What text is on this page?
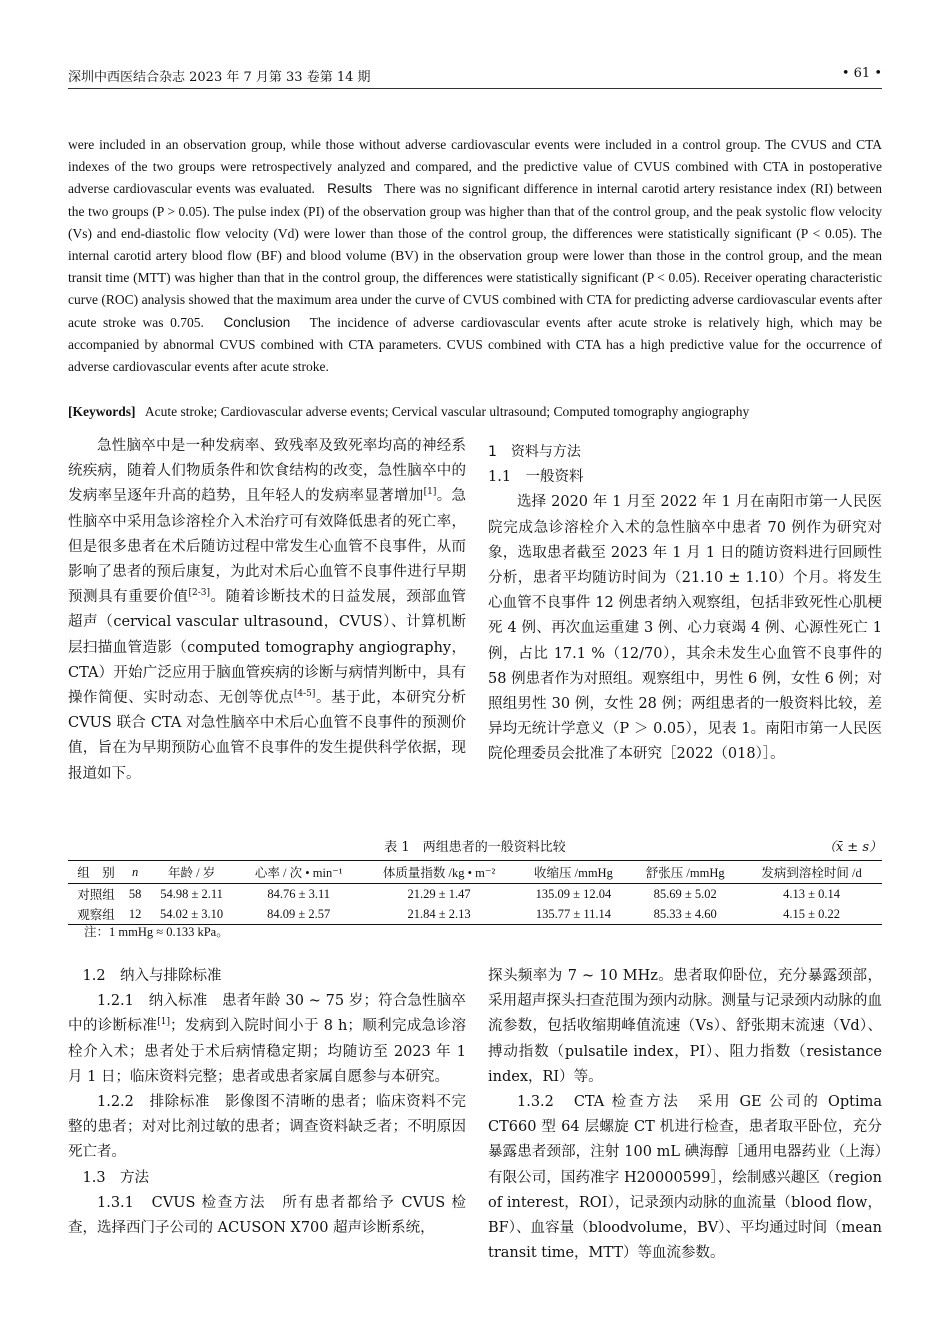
深圳中西医结合杂志 2023 年 7 月第 33 卷第 14 期	• 61 •
were included in an observation group, while those without adverse cardiovascular events were included in a control group. The CVUS and CTA indexes of the two groups were retrospectively analyzed and compared, and the predictive value of CVUS combined with CTA in postoperative adverse cardiovascular events was evaluated. Results There was no significant difference in internal carotid artery resistance index (RI) between the two groups (P > 0.05). The pulse index (PI) of the observation group was higher than that of the control group, and the peak systolic flow velocity (Vs) and end-diastolic flow velocity (Vd) were lower than those of the control group, the differences were statistically significant (P < 0.05). The internal carotid artery blood flow (BF) and blood volume (BV) in the observation group were lower than those in the control group, and the mean transit time (MTT) was higher than that in the control group, the differences were statistically significant (P < 0.05). Receiver operating characteristic curve (ROC) analysis showed that the maximum area under the curve of CVUS combined with CTA for predicting adverse cardiovascular events after acute stroke was 0.705. Conclusion The incidence of adverse cardiovascular events after acute stroke is relatively high, which may be accompanied by abnormal CVUS combined with CTA parameters. CVUS combined with CTA has a high predictive value for the occurrence of adverse cardiovascular events after acute stroke.
[Keywords] Acute stroke; Cardiovascular adverse events; Cervical vascular ultrasound; Computed tomography angiography

急性脑卒中是一种发病率、致残率及致死率均高的神经系统疾病，随着人们物质条件和饮食结构的改变，急性脑卒中的发病率呈逐年升高的趋势，且年轻人的发病率显著增加[1]。急性脑卒中采用急诊溶栓介入术治疗可有效降低患者的死亡率，但是很多患者在术后随访过程中常发生心血管不良事件，从而影响了患者的预后康复，为此对术后心血管不良事件进行早期预测具有重要价值[2-3]。随着诊断技术的日益发展，颈部血管超声（cervical vascular ultrasound，CVUS）、计算机断层扫描血管造影（computed tomography angiography，CTA）开始广泛应用于脑血管疾病的诊断与病情判断中，具有操作简便、实时动态、无创等优点[4-5]。基于此，本研究分析 CVUS 联合 CTA 对急性脑卒中术后心血管不良事件的预测价值，旨在为早期预防心血管不良事件的发生提供科学依据，现报道如下。

1　资料与方法

1.1　一般资料

选择 2020 年 1 月至 2022 年 1 月在南阳市第一人民医院完成急诊溶栓介入术的急性脑卒中患者 70 例作为研究对象，选取患者截至 2023 年 1 月 1 日的随访资料进行回顾性分析，患者平均随访时间为（21.10 ± 1.10）个月。将发生心血管不良事件 12 例患者纳入观察组，包括非致死性心肌梗死 4 例、再次血运重建 3 例、心力衰竭 4 例、心源性死亡 1 例，占比 17.1 %（12/70），其余未发生心血管不良事件的 58 例患者作为对照组。观察组中，男性 6 例，女性 6 例；对照组男性 30 例，女性 28 例；两组患者的一般资料比较，差异均无统计学意义（P ＞ 0.05），见表 1。南阳市第一人民医院伦理委员会批准了本研究［2022（018）］。

表 1　两组患者的一般资料比较	（x̄ ± s）
组　别	n	年龄 / 岁	心率 / 次 • min⁻¹	体质量指数 /kg • m⁻²	收缩压 /mmHg	舒张压 /mmHg	发病到溶栓时间 /d
对照组	58	54.98 ± 2.11	84.76 ± 3.11	21.29 ± 1.47	135.09 ± 12.04	85.69 ± 5.02	4.13 ± 0.14
观察组	12	54.02 ± 3.10	84.09 ± 2.57	21.84 ± 2.13	135.77 ± 11.14	85.33 ± 4.60	4.15 ± 0.22
注：1 mmHg ≈ 0.133 kPa。

1.2　纳入与排除标准

1.2.1　纳入标准　患者年龄 30 ~ 75 岁；符合急性脑卒中的诊断标准[1]；发病到入院时间小于 8 h；顺利完成急诊溶栓介入术；患者处于术后病情稳定期；均随访至 2023 年 1 月 1 日；临床资料完整；患者或患者家属自愿参与本研究。

1.2.2　排除标准　影像图不清晰的患者；临床资料不完整的患者；对对比剂过敏的患者；调查资料缺乏者；不明原因死亡者。

1.3　方法

1.3.1　CVUS 检查方法　所有患者都给予 CVUS 检查，选择西门子公司的 ACUSON X700 超声诊断系统，

探头频率为 7 ~ 10 MHz。患者取仰卧位，充分暴露颈部，采用超声探头扫查范围为颈内动脉。测量与记录颈内动脉的血流参数，包括收缩期峰值流速（Vs）、舒张期末流速（Vd）、搏动指数（pulsatile index，PI）、阻力指数（resistance index，RI）等。

1.3.2　CTA 检查方法　采用 GE 公司的 Optima CT660 型 64 层螺旋 CT 机进行检查，患者取平卧位，充分暴露患者颈部，注射 100 mL 碘海醇［通用电器药业（上海）有限公司，国药准字 H20000599］，绘制感兴趣区（region of interest，ROI），记录颈内动脉的血流量（blood flow，BF）、血容量（bloodvolume，BV）、平均通过时间（mean transit time，MTT）等血流参数。
